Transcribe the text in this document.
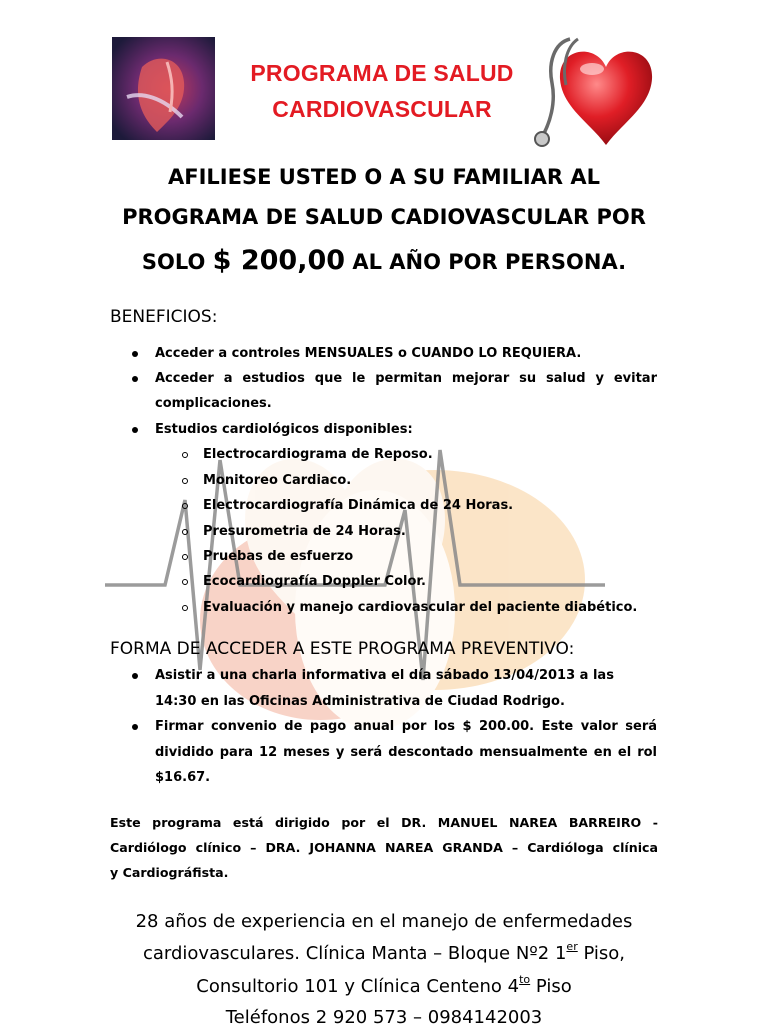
PROGRAMA DE SALUD
CARDIOVASCULAR
AFILIESE USTED O A SU FAMILIAR AL
PROGRAMA DE SALUD CADIOVASCULAR POR
SOLO $ 200,00 AL AÑO POR PERSONA.
BENEFICIOS:
Acceder a controles MENSUALES o CUANDO LO REQUIERA.
Acceder a estudios que le permitan mejorar su salud y evitar
complicaciones.
Estudios cardiológicos disponibles:
Electrocardiograma de Reposo.
Monitoreo Cardiaco.
Electrocardiografía Dinámica de 24 Horas.
Presurometria de 24 Horas.
Pruebas de esfuerzo
Ecocardiografía Doppler Color.
Evaluación y manejo cardiovascular del paciente diabético.
FORMA DE ACCEDER A ESTE PROGRAMA PREVENTIVO:
Asistir a una charla informativa el día sábado 13/04/2013 a las
14:30 en las Oficinas Administrativa de Ciudad Rodrigo.
Firmar convenio de pago anual por los $ 200.00. Este valor será
dividido para 12 meses y será descontado mensualmente en el rol
$16.67.
Este programa está dirigido por el DR. MANUEL NAREA BARREIRO -
Cardiólogo clínico – DRA. JOHANNA NAREA GRANDA – Cardióloga clínica
y Cardiográfista.
28 años de experiencia en el manejo de enfermedades
cardiovasculares. Clínica Manta – Bloque Nº2 1er Piso,
Consultorio 101 y Clínica Centeno $4^{to}$ Piso
Teléfonos 2 920 573 – 0984142003
